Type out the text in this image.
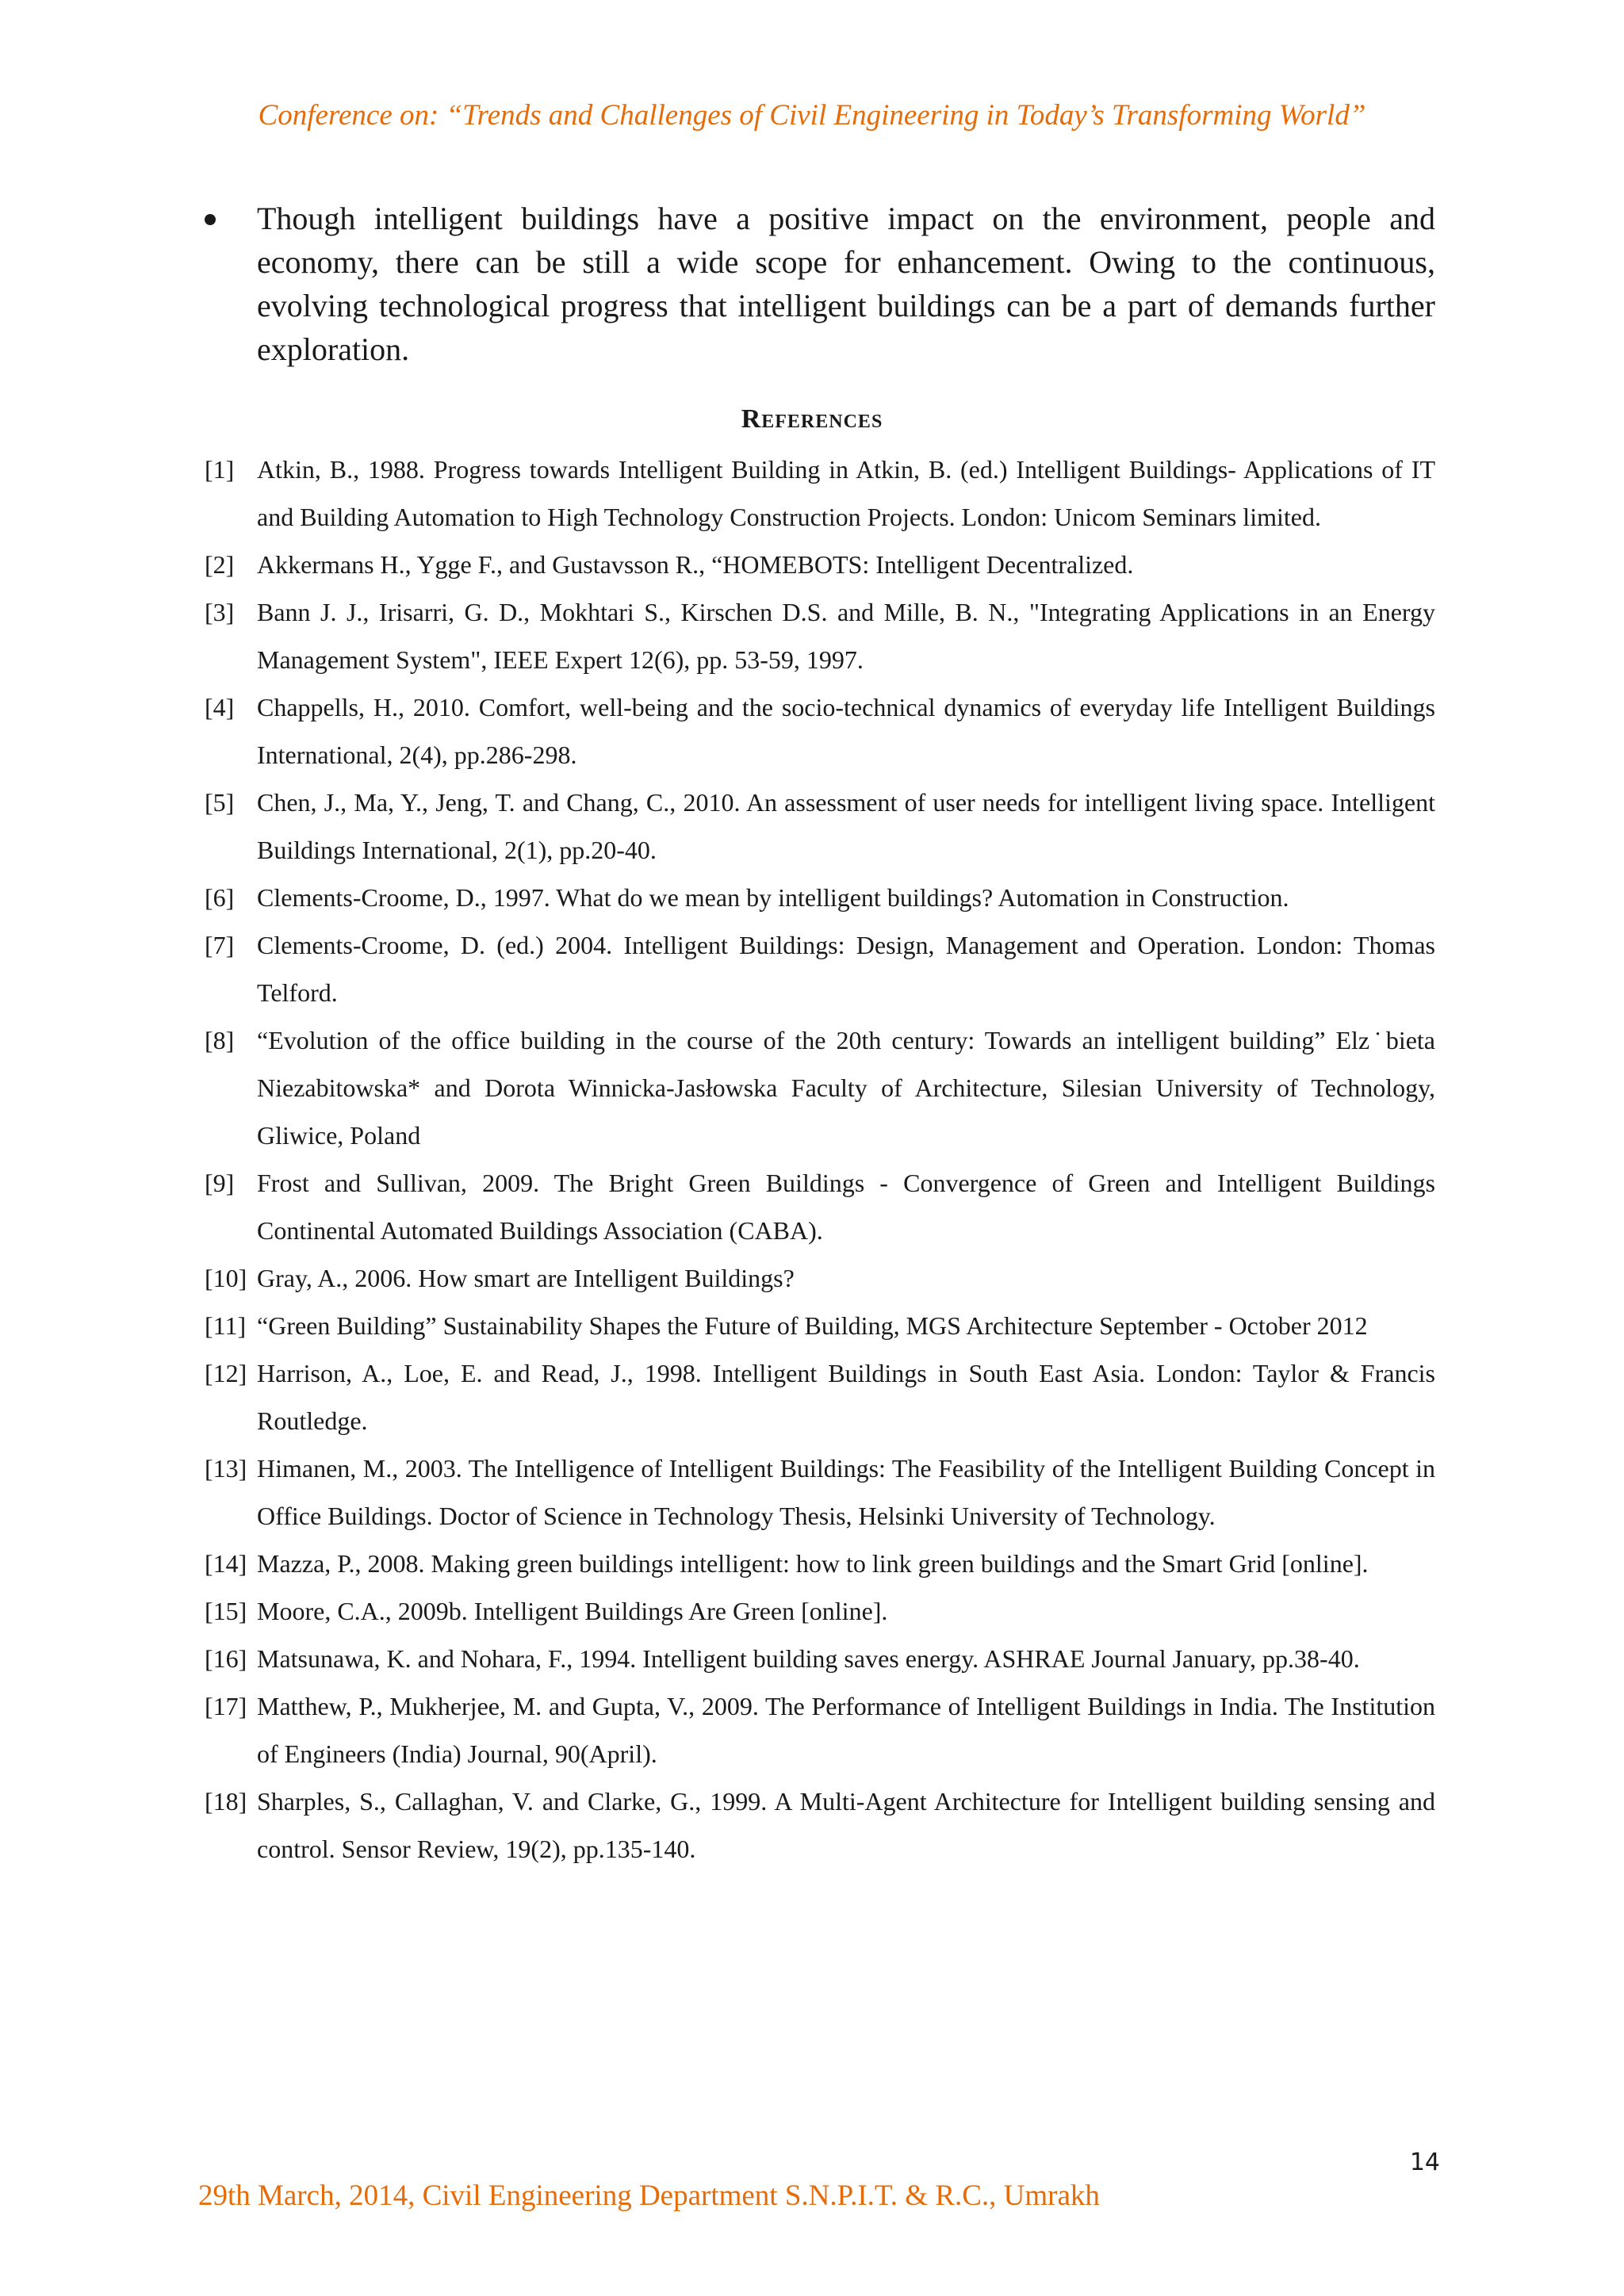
Conference on: “Trends and Challenges of Civil Engineering in Today’s Transforming World”
Though intelligent buildings have a positive impact on the environment, people and economy, there can be still a wide scope for enhancement. Owing to the continuous, evolving technological progress that intelligent buildings can be a part of demands further exploration.
References
[1] Atkin, B., 1988. Progress towards Intelligent Building in Atkin, B. (ed.) Intelligent Buildings- Applications of IT and Building Automation to High Technology Construction Projects. London: Unicom Seminars limited.
[2] Akkermans H., Ygge F., and Gustavsson R., “HOMEBOTS: Intelligent Decentralized.
[3] Bann J. J., Irisarri, G. D., Mokhtari S., Kirschen D.S. and Mille, B. N., "Integrating Applications in an Energy Management System", IEEE Expert 12(6), pp. 53-59, 1997.
[4] Chappells, H., 2010. Comfort, well-being and the socio-technical dynamics of everyday life Intelligent Buildings International, 2(4), pp.286-298.
[5] Chen, J., Ma, Y., Jeng, T. and Chang, C., 2010. An assessment of user needs for intelligent living space. Intelligent Buildings International, 2(1), pp.20-40.
[6] Clements-Croome, D., 1997. What do we mean by intelligent buildings? Automation in Construction.
[7] Clements-Croome, D. (ed.) 2004. Intelligent Buildings: Design, Management and Operation. London: Thomas Telford.
[8] “Evolution of the office building in the course of the 20th century: Towards an intelligent building” Elz˙bieta Niezabitowska* and Dorota Winnicka-Jasłowska Faculty of Architecture, Silesian University of Technology, Gliwice, Poland
[9] Frost and Sullivan, 2009. The Bright Green Buildings - Convergence of Green and Intelligent Buildings Continental Automated Buildings Association (CABA).
[10] Gray, A., 2006. How smart are Intelligent Buildings?
[11] “Green Building” Sustainability Shapes the Future of Building, MGS Architecture September - October 2012
[12] Harrison, A., Loe, E. and Read, J., 1998. Intelligent Buildings in South East Asia. London: Taylor & Francis Routledge.
[13] Himanen, M., 2003. The Intelligence of Intelligent Buildings: The Feasibility of the Intelligent Building Concept in Office Buildings. Doctor of Science in Technology Thesis, Helsinki University of Technology.
[14] Mazza, P., 2008. Making green buildings intelligent: how to link green buildings and the Smart Grid [online].
[15] Moore, C.A., 2009b. Intelligent Buildings Are Green [online].
[16] Matsunawa, K. and Nohara, F., 1994. Intelligent building saves energy. ASHRAE Journal January, pp.38-40.
[17] Matthew, P., Mukherjee, M. and Gupta, V., 2009. The Performance of Intelligent Buildings in India. The Institution of Engineers (India) Journal, 90(April).
[18] Sharples, S., Callaghan, V. and Clarke, G., 1999. A Multi-Agent Architecture for Intelligent building sensing and control. Sensor Review, 19(2), pp.135-140.
14
29th March, 2014, Civil Engineering Department S.N.P.I.T. & R.C., Umrakh
